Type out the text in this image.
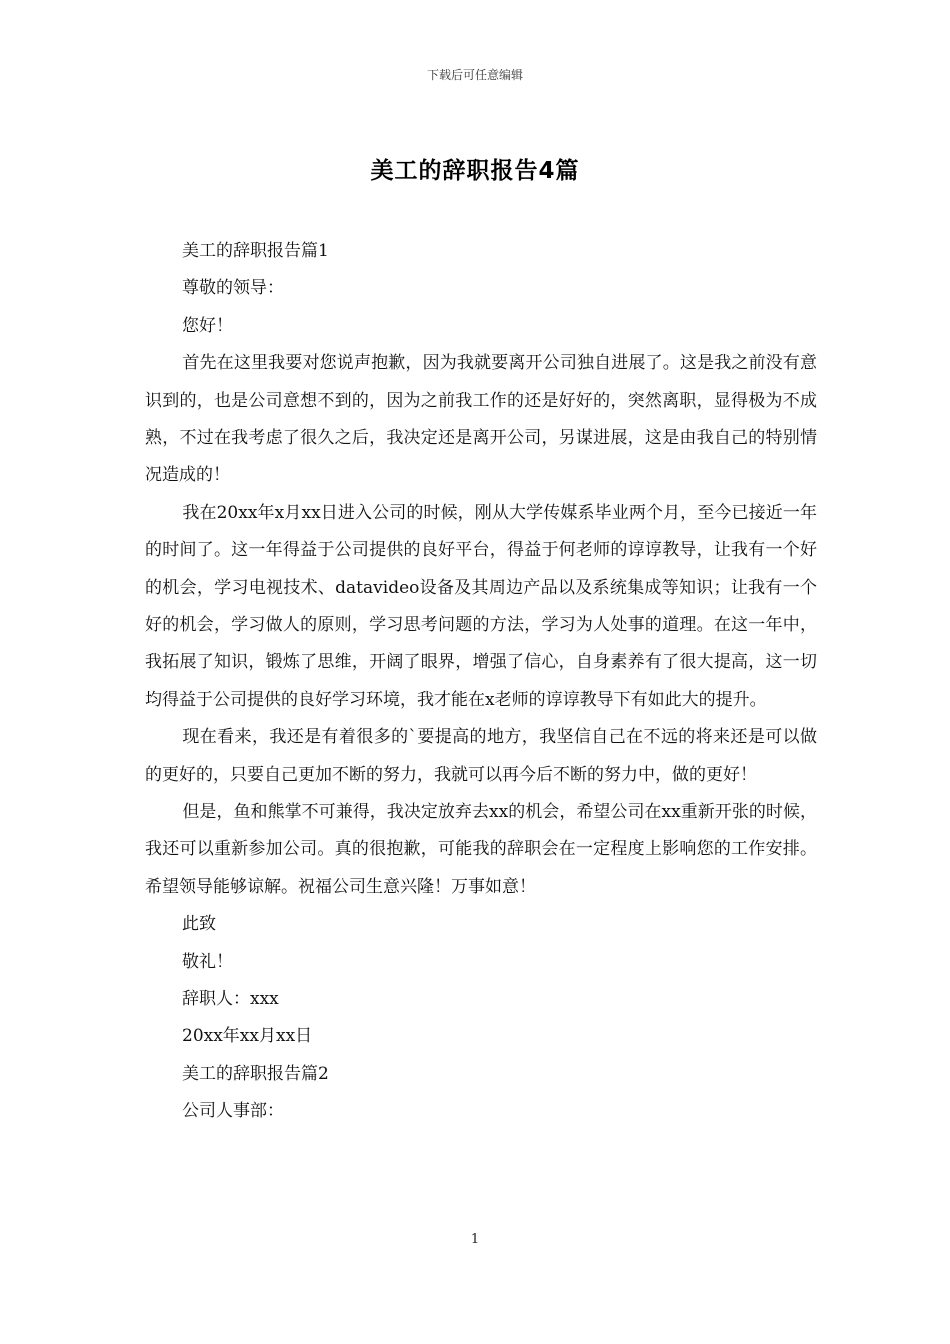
下载后可任意编辑
美工的辞职报告4篇
美工的辞职报告篇1
尊敬的领导：
您好！

首先在这里我要对您说声抱歉，因为我就要离开公司独自进展了。这是我之前没有意识到的，也是公司意想不到的，因为之前我工作的还是好好的，突然离职，显得极为不成熟，不过在我考虑了很久之后，我决定还是离开公司，另谋进展，这是由我自己的特别情况造成的！

我在20xx年x月xx日进入公司的时候，刚从大学传媒系毕业两个月，至今已接近一年的时间了。这一年得益于公司提供的良好平台，得益于何老师的谆谆教导，让我有一个好的机会，学习电视技术、datavideo设备及其周边产品以及系统集成等知识；让我有一个好的机会，学习做人的原则，学习思考问题的方法，学习为人处事的道理。在这一年中，我拓展了知识，锻炼了思维，开阔了眼界，增强了信心，自身素养有了很大提高，这一切均得益于公司提供的良好学习环境，我才能在x老师的谆谆教导下有如此大的提升。

现在看来，我还是有着很多的`要提高的地方，我坚信自己在不远的将来还是可以做的更好的，只要自己更加不断的努力，我就可以再今后不断的努力中，做的更好！

但是，鱼和熊掌不可兼得，我决定放弃去xx的机会，希望公司在xx重新开张的时候，我还可以重新参加公司。真的很抱歉，可能我的辞职会在一定程度上影响您的工作安排。希望领导能够谅解。祝福公司生意兴隆！万事如意！

此致
敬礼！
辞职人：xxx
20xx年xx月xx日
美工的辞职报告篇2
公司人事部：
1
